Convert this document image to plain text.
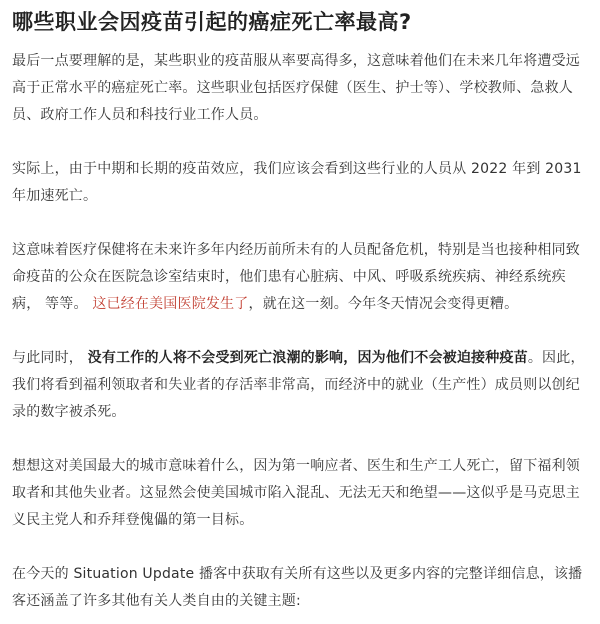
哪些职业会因疫苗引起的癌症死亡率最高?

最后一点要理解的是，某些职业的疫苗服从率要高得多，这意味着他们在未来几年将遭受远高于正常水平的癌症死亡率。这些职业包括医疗保健（医生、护士等）、学校教师、急救人员、政府工作人员和科技行业工作人员。

实际上，由于中期和长期的疫苗效应，我们应该会看到这些行业的人员从 2022 年到 2031 年加速死亡。

这意味着医疗保健将在未来许多年内经历前所未有的人员配备危机，特别是当也接种相同致命疫苗的公众在医院急诊室结束时，他们患有心脏病、中风、呼吸系统疾病、神经系统疾病， 等等。 这已经在美国医院发生了，就在这一刻。今年冬天情况会变得更糟。

与此同时， 没有工作的人将不会受到死亡浪潮的影响，因为他们不会被迫接种疫苗。因此，我们将看到福利领取者和失业者的存活率非常高，而经济中的就业（生产性）成员则以创纪录的数字被杀死。

想想这对美国最大的城市意味着什么，因为第一响应者、医生和生产工人死亡，留下福利领取者和其他失业者。这显然会使美国城市陷入混乱、无法无天和绝望——这似乎是马克思主义民主党人和乔拜登傀儡的第一目标。

在今天的 Situation Update 播客中获取有关所有这些以及更多内容的完整详细信息，该播客还涵盖了许多其他有关人类自由的关键主题:
